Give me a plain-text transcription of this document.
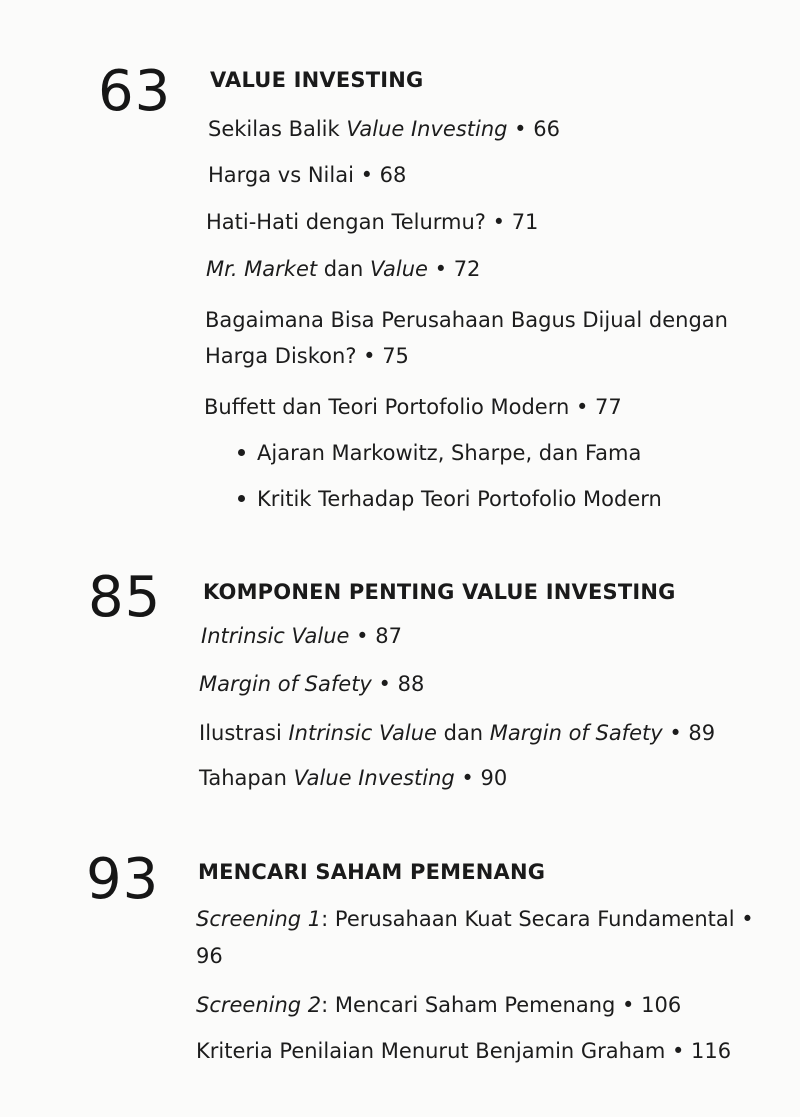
63 VALUE INVESTING
Sekilas Balik Value Investing • 66
Harga vs Nilai • 68
Hati-Hati dengan Telurmu? • 71
Mr. Market dan Value • 72
Bagaimana Bisa Perusahaan Bagus Dijual dengan
Harga Diskon? • 75
Buffett dan Teori Portofolio Modern • 77
Ajaran Markowitz, Sharpe, dan Fama
Kritik Terhadap Teori Portofolio Modern
85 KOMPONEN PENTING VALUE INVESTING
Intrinsic Value • 87
Margin of Safety • 88
Ilustrasi Intrinsic Value dan Margin of Safety • 89
Tahapan Value Investing • 90
93 MENCARI SAHAM PEMENANG
Screening 1: Perusahaan Kuat Secara Fundamental •
96
Screening 2: Mencari Saham Pemenang • 106
Kriteria Penilaian Menurut Benjamin Graham • 116
